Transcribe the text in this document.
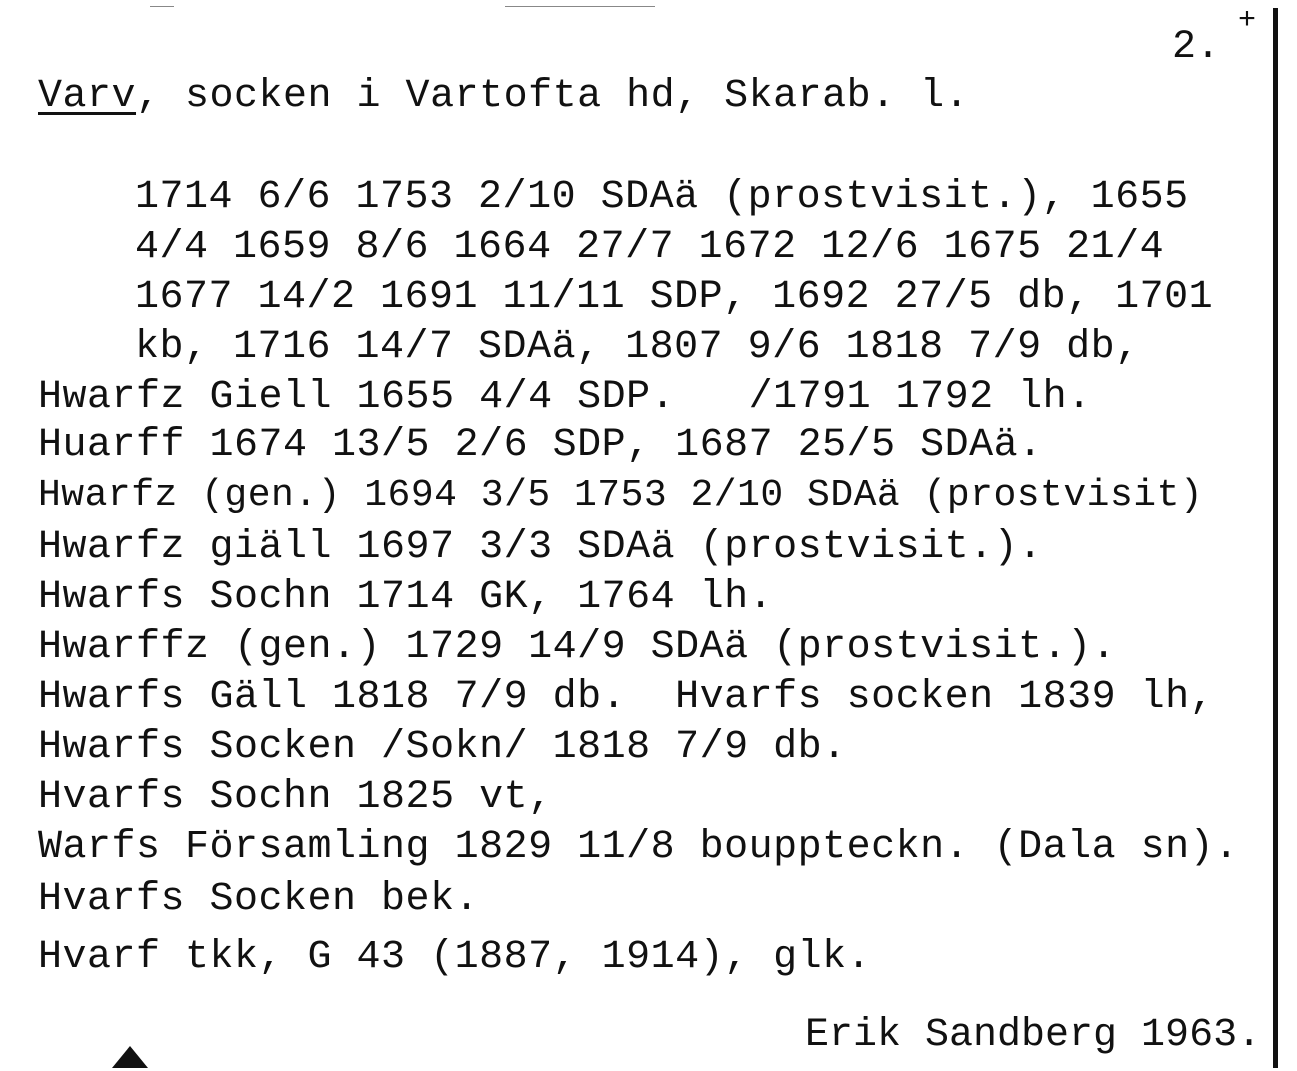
+
2.
Varv, socken i Vartofta hd, Skarab. l.
1714 6/6 1753 2/10 SDAä (prostvisit.), 1655
4/4 1659 8/6 1664 27/7 1672 12/6 1675 21/4
1677 14/2 1691 11/11 SDP, 1692 27/5 db, 1701
kb, 1716 14/7 SDAä, 1807 9/6 1818 7/9 db,
Hwarfz Giell 1655 4/4 SDP.   /1791 1792 lh.
Huarff 1674 13/5 2/6 SDP, 1687 25/5 SDAä.
Hwarfz (gen.) 1694 3/5 1753 2/10 SDAä (prostvisit)
Hwarfz giäll 1697 3/3 SDAä (prostvisit.).
Hwarfs Sochn 1714 GK, 1764 lh.
Hwarffz (gen.) 1729 14/9 SDAä (prostvisit.).
Hwarfs Gäll 1818 7/9 db.  Hvarfs socken 1839 lh,
Hwarfs Socken /Sokn/ 1818 7/9 db.
Hvarfs Sochn 1825 vt,
Warfs Församling 1829 11/8 bouppteckn. (Dala sn).
Hvarfs Socken bek.
Hvarf tkk, G 43 (1887, 1914), glk.
Erik Sandberg 1963.
